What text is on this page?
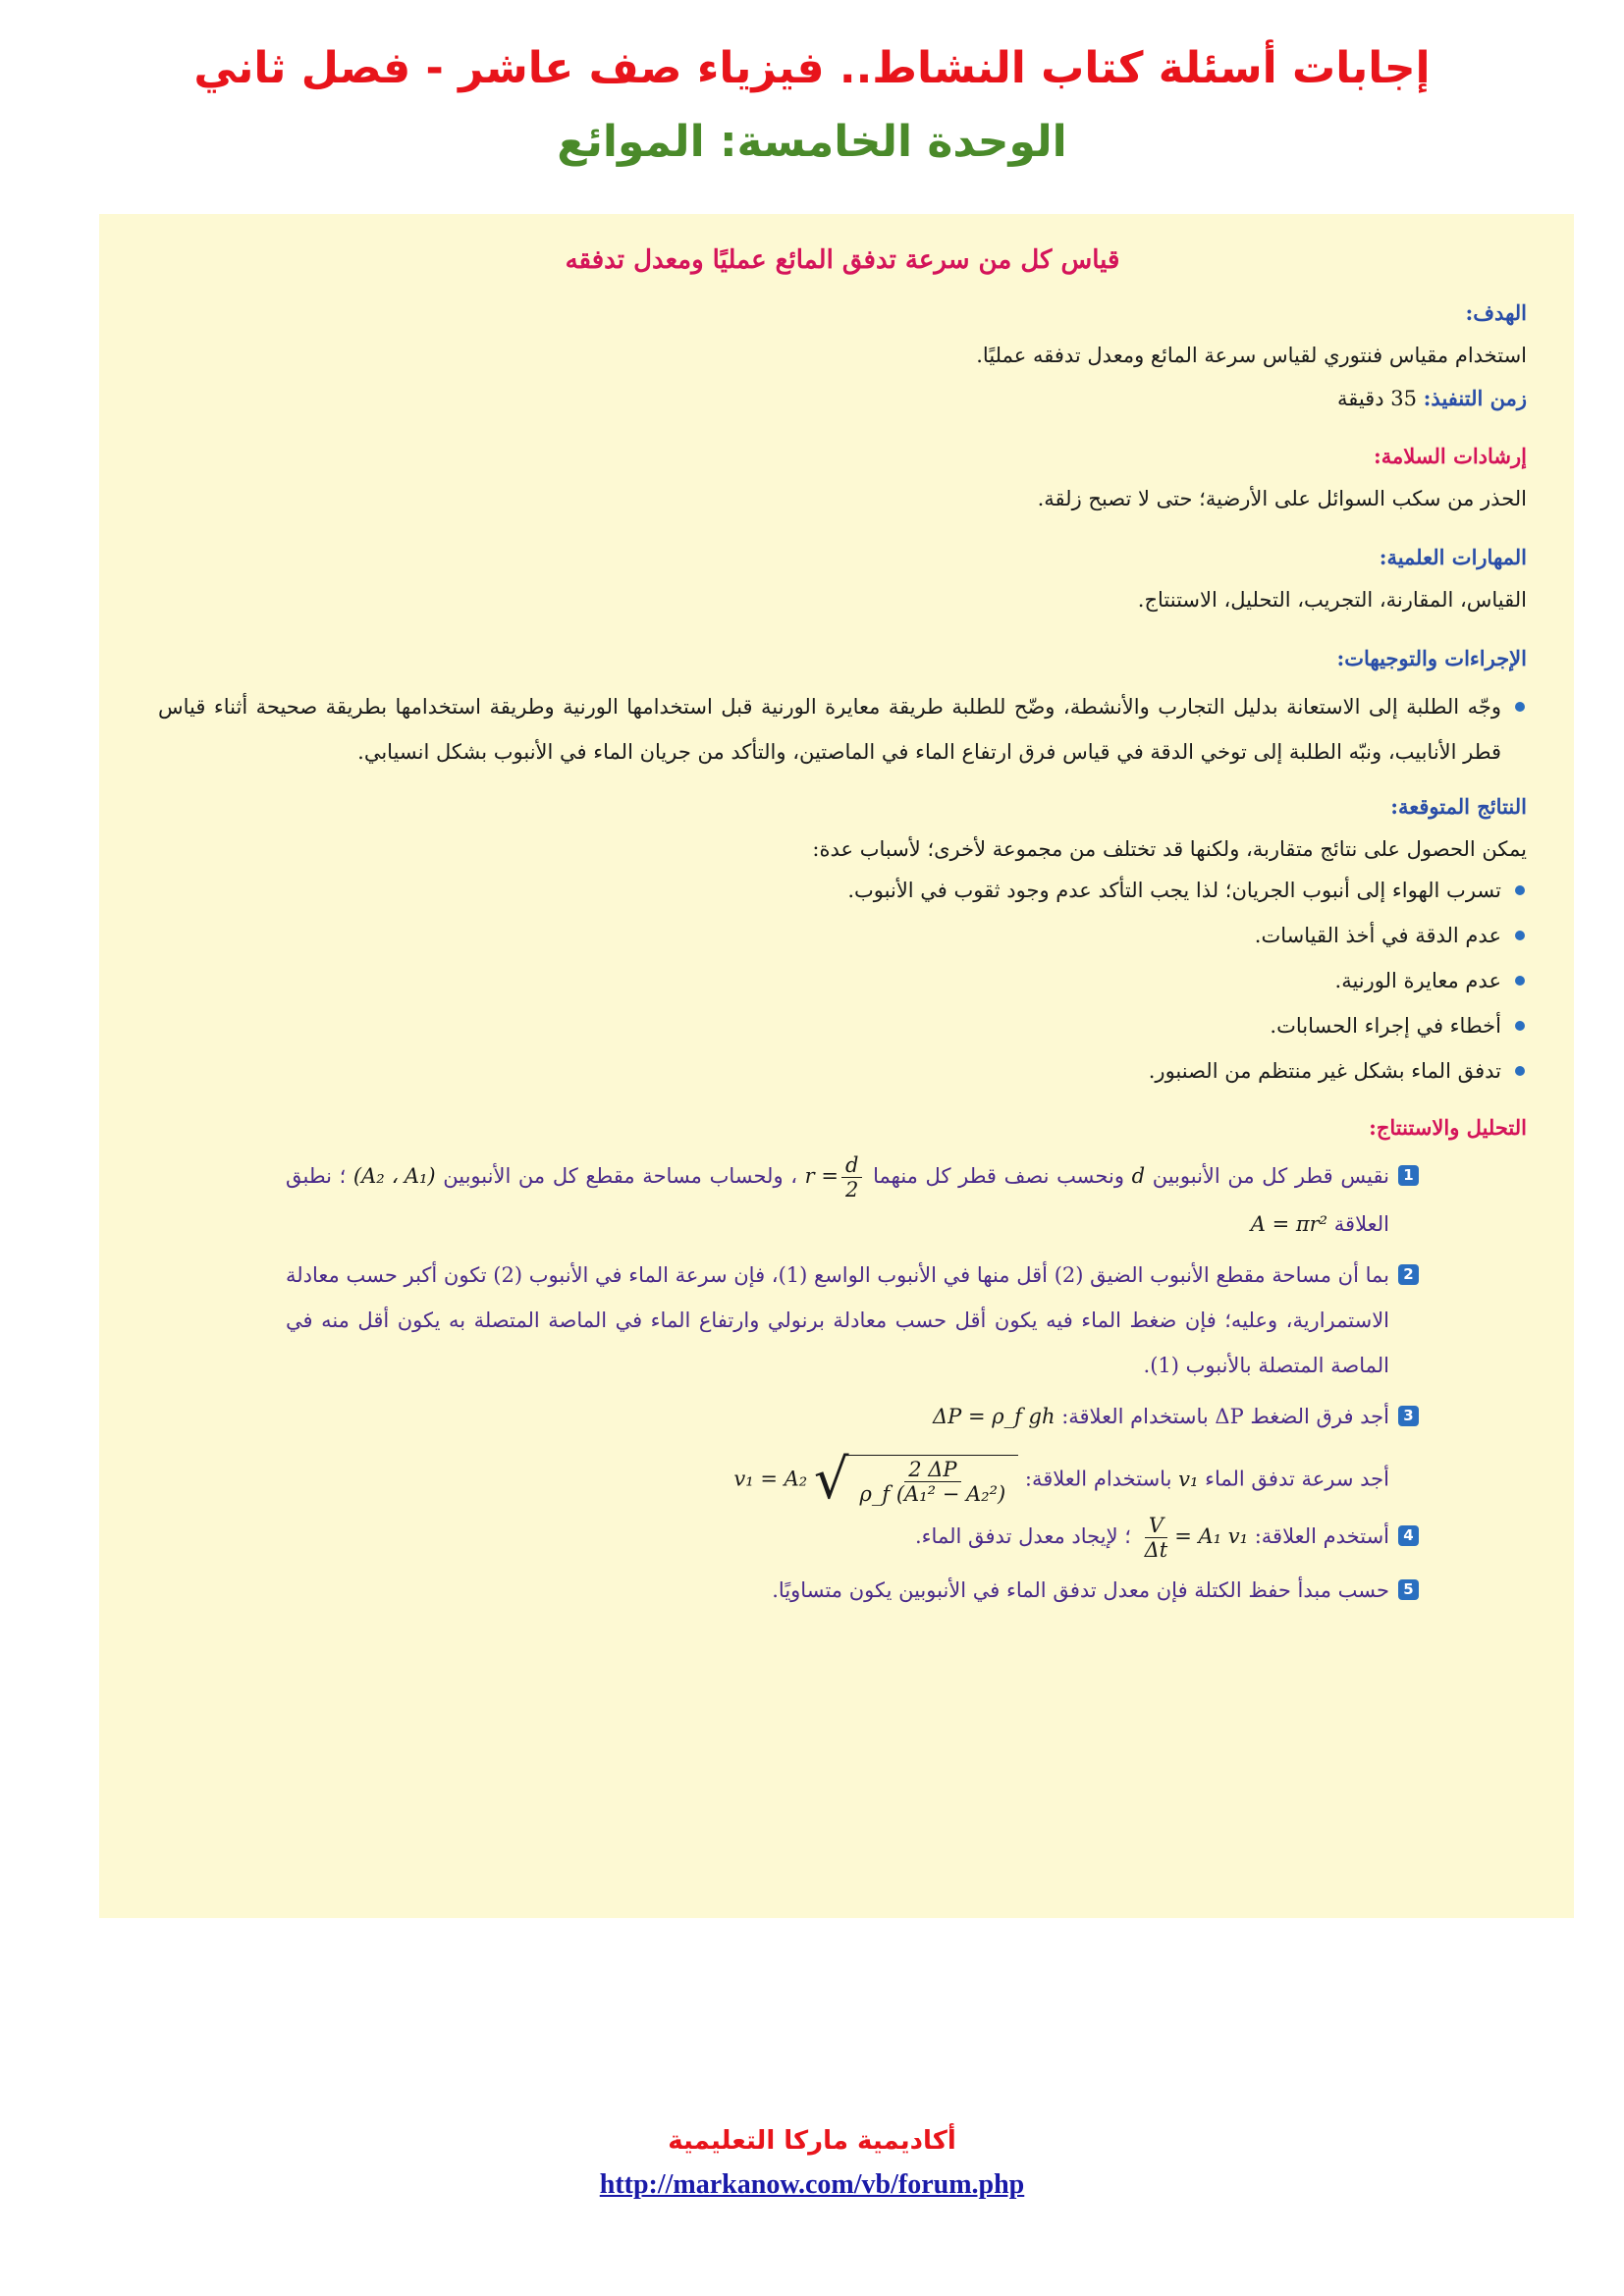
إجابات أسئلة كتاب النشاط.. فيزياء صف عاشر - فصل ثاني
الوحدة الخامسة: الموائع
قياس كل من سرعة تدفق المائع عمليًا ومعدل تدفقه
الهدف:
استخدام مقياس فنتوري لقياس سرعة المائع ومعدل تدفقه عمليًا.
زمن التنفيذ: 35 دقيقة
إرشادات السلامة:
الحذر من سكب السوائل على الأرضية؛ حتى لا تصبح زلقة.
المهارات العلمية:
القياس، المقارنة، التجريب، التحليل، الاستنتاج.
الإجراءات والتوجيهات:
وجّه الطلبة إلى الاستعانة بدليل التجارب والأنشطة، وضّح للطلبة طريقة معايرة الورنية قبل استخدامها الورنية وطريقة استخدامها بطريقة صحيحة أثناء قياس قطر الأنابيب، ونبّه الطلبة إلى توخي الدقة في قياس فرق ارتفاع الماء في الماصتين، والتأكد من جريان الماء في الأنبوب بشكل انسيابي.
النتائج المتوقعة:
يمكن الحصول على نتائج متقاربة، ولكنها قد تختلف من مجموعة لأخرى؛ لأسباب عدة:
تسرب الهواء إلى أنبوب الجريان؛ لذا يجب التأكد عدم وجود ثقوب في الأنبوب.
عدم الدقة في أخذ القياسات.
عدم معايرة الورنية.
أخطاء في إجراء الحسابات.
تدفق الماء بشكل غير منتظم من الصنبور.
التحليل والاستنتاج:
1
نقيس قطر كل من الأنبوبين d ونحسب نصف قطر كل منهما $r = \frac{d}{2}$
، ولحساب مساحة مقطع كل من الأنبوبين (A₂ ، A₁) ؛ نطبق العلاقة A = πr²
2
بما أن مساحة مقطع الأنبوب الضيق (2) أقل منها في الأنبوب الواسع (1)، فإن سرعة الماء في الأنبوب (2) تكون أكبر حسب معادلة الاستمرارية، وعليه؛ فإن ضغط الماء فيه يكون أقل حسب معادلة برنولي وارتفاع الماء في الماصة المتصلة به يكون أقل منه في الماصة المتصلة بالأنبوب (1).
3
أجد فرق الضغط ΔP باستخدام العلاقة: ΔP = ρ_f gh
أجد سرعة تدفق الماء v₁ باستخدام العلاقة: v₁ = A₂ √ $\frac{2 \Delta P}{\text{ρ\_f (A₁² − A₂²)}}$
4
أستخدم العلاقة:
$\frac{V}{\Delta t} = A_1$ v₁ ؛ لإيجاد معدل تدفق الماء.
5
حسب مبدأ حفظ الكتلة فإن معدل تدفق الماء في الأنبوبين يكون متساويًا.
أكاديمية ماركا التعليمية
http://markanow.com/vb/forum.php
